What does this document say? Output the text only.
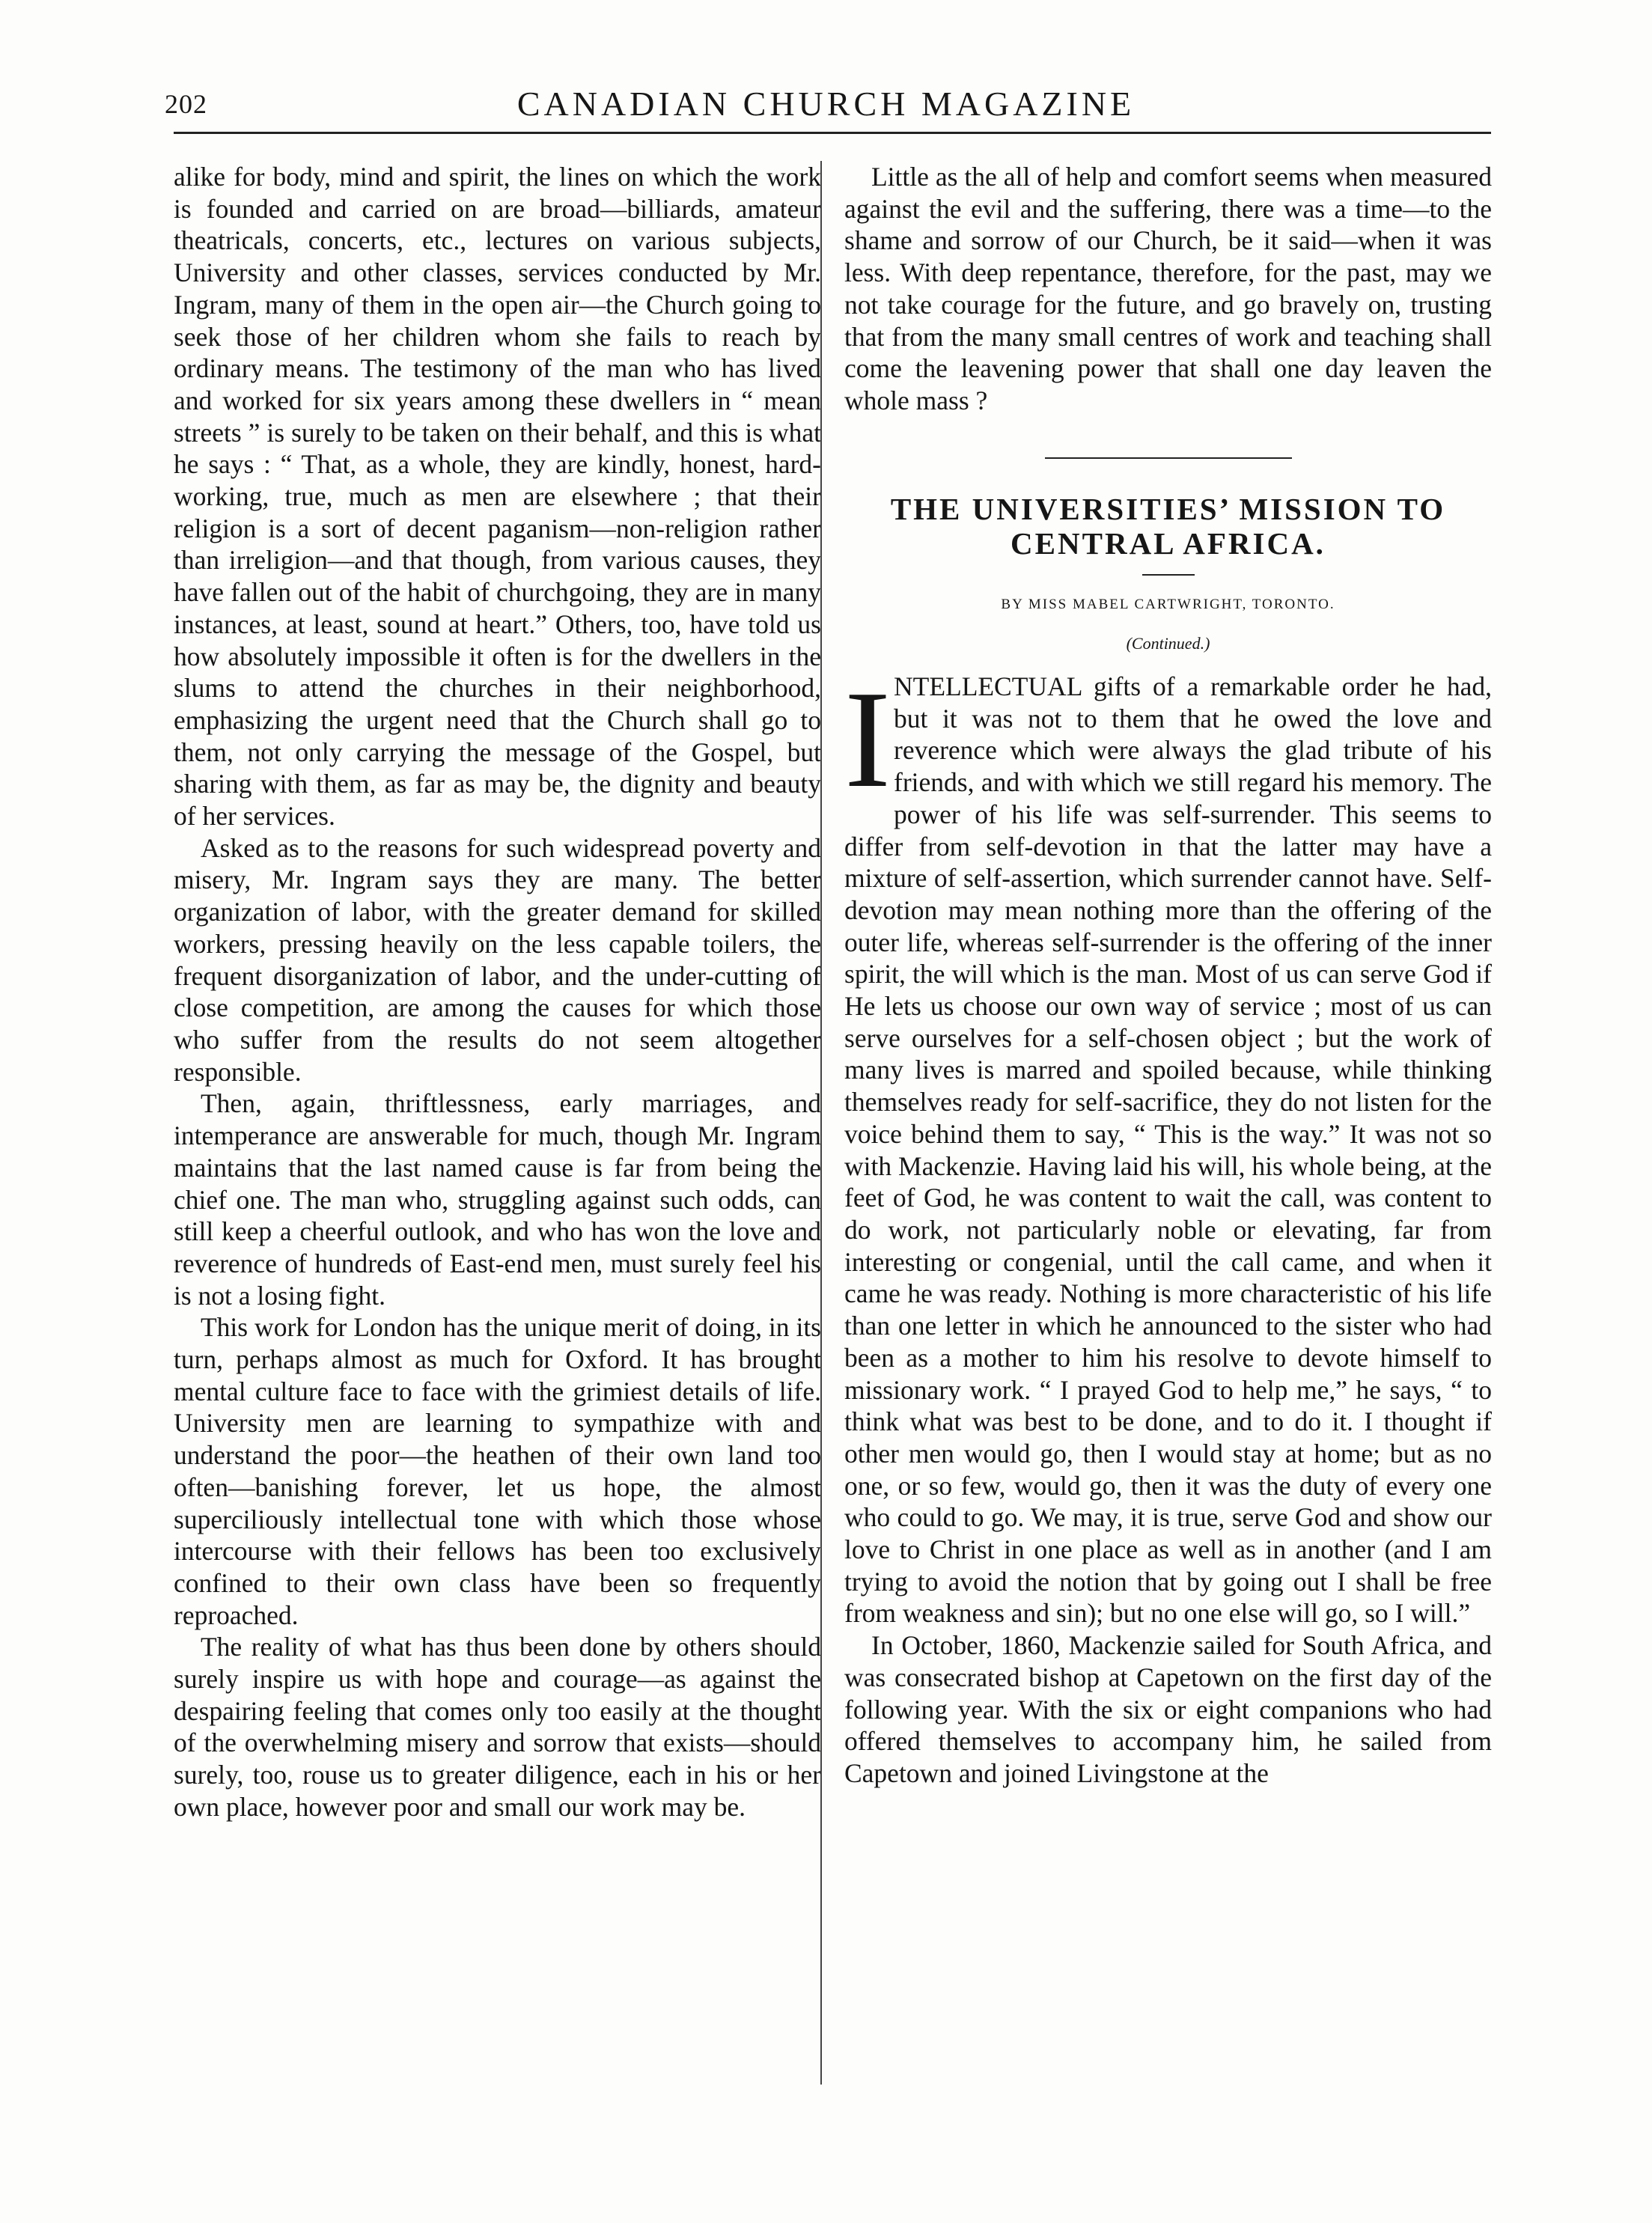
202	CANADIAN CHURCH MAGAZINE

alike for body, mind and spirit, the lines on which the work is founded and carried on are broad—billiards, amateur theatricals, concerts, etc., lectures on various subjects, University and other classes, services conducted by Mr. Ingram, many of them in the open air—the Church going to seek those of her children whom she fails to reach by ordinary means. The testimony of the man who has lived and worked for six years among these dwellers in “ mean streets ” is surely to be taken on their behalf, and this is what he says : “ That, as a whole, they are kindly, honest, hard-working, true, much as men are elsewhere ; that their religion is a sort of decent paganism—non-religion rather than irreligion—and that though, from various causes, they have fallen out of the habit of churchgoing, they are in many instances, at least, sound at heart.” Others, too, have told us how absolutely impossible it often is for the dwellers in the slums to attend the churches in their neighborhood, emphasizing the urgent need that the Church shall go to them, not only carrying the message of the Gospel, but sharing with them, as far as may be, the dignity and beauty of her services.

Asked as to the reasons for such widespread poverty and misery, Mr. Ingram says they are many. The better organization of labor, with the greater demand for skilled workers, pressing heavily on the less capable toilers, the frequent disorganization of labor, and the under-cutting of close competition, are among the causes for which those who suffer from the results do not seem altogether responsible.

Then, again, thriftlessness, early marriages, and intemperance are answerable for much, though Mr. Ingram maintains that the last named cause is far from being the chief one. The man who, struggling against such odds, can still keep a cheerful outlook, and who has won the love and reverence of hundreds of East-end men, must surely feel his is not a losing fight.

This work for London has the unique merit of doing, in its turn, perhaps almost as much for Oxford. It has brought mental culture face to face with the grimiest details of life. University men are learning to sympathize with and understand the poor—the heathen of their own land too often—banishing forever, let us hope, the almost superciliously intellectual tone with which those whose intercourse with their fellows has been too exclusively confined to their own class have been so frequently reproached.

The reality of what has thus been done by others should surely inspire us with hope and courage—as against the despairing feeling that comes only too easily at the thought of the overwhelming misery and sorrow that exists—should surely, too, rouse us to greater diligence, each in his or her own place, however poor and small our work may be.

Little as the all of help and comfort seems when measured against the evil and the suffering, there was a time—to the shame and sorrow of our Church, be it said—when it was less. With deep repentance, therefore, for the past, may we not take courage for the future, and go bravely on, trusting that from the many small centres of work and teaching shall come the leavening power that shall one day leaven the whole mass ?

THE UNIVERSITIES’ MISSION TO
CENTRAL AFRICA.
BY MISS MABEL CARTWRIGHT, TORONTO.
(Continued.)

INTELLECTUAL gifts of a remarkable order he had, but it was not to them that he owed the love and reverence which were always the glad tribute of his friends, and with which we still regard his memory. The power of his life was self-surrender. This seems to differ from self-devotion in that the latter may have a mixture of self-assertion, which surrender cannot have. Self-devotion may mean nothing more than the offering of the outer life, whereas self-surrender is the offering of the inner spirit, the will which is the man. Most of us can serve God if He lets us choose our own way of service ; most of us can serve ourselves for a self-chosen object ; but the work of many lives is marred and spoiled because, while thinking themselves ready for self-sacrifice, they do not listen for the voice behind them to say, “ This is the way.” It was not so with Mackenzie. Having laid his will, his whole being, at the feet of God, he was content to wait the call, was content to do work, not particularly noble or elevating, far from interesting or congenial, until the call came, and when it came he was ready. Nothing is more characteristic of his life than one letter in which he announced to the sister who had been as a mother to him his resolve to devote himself to missionary work. “ I prayed God to help me,” he says, “ to think what was best to be done, and to do it. I thought if other men would go, then I would stay at home; but as no one, or so few, would go, then it was the duty of every one who could to go. We may, it is true, serve God and show our love to Christ in one place as well as in another (and I am trying to avoid the notion that by going out I shall be free from weakness and sin); but no one else will go, so I will.”

In October, 1860, Mackenzie sailed for South Africa, and was consecrated bishop at Capetown on the first day of the following year. With the six or eight companions who had offered themselves to accompany him, he sailed from Capetown and joined Livingstone at the
